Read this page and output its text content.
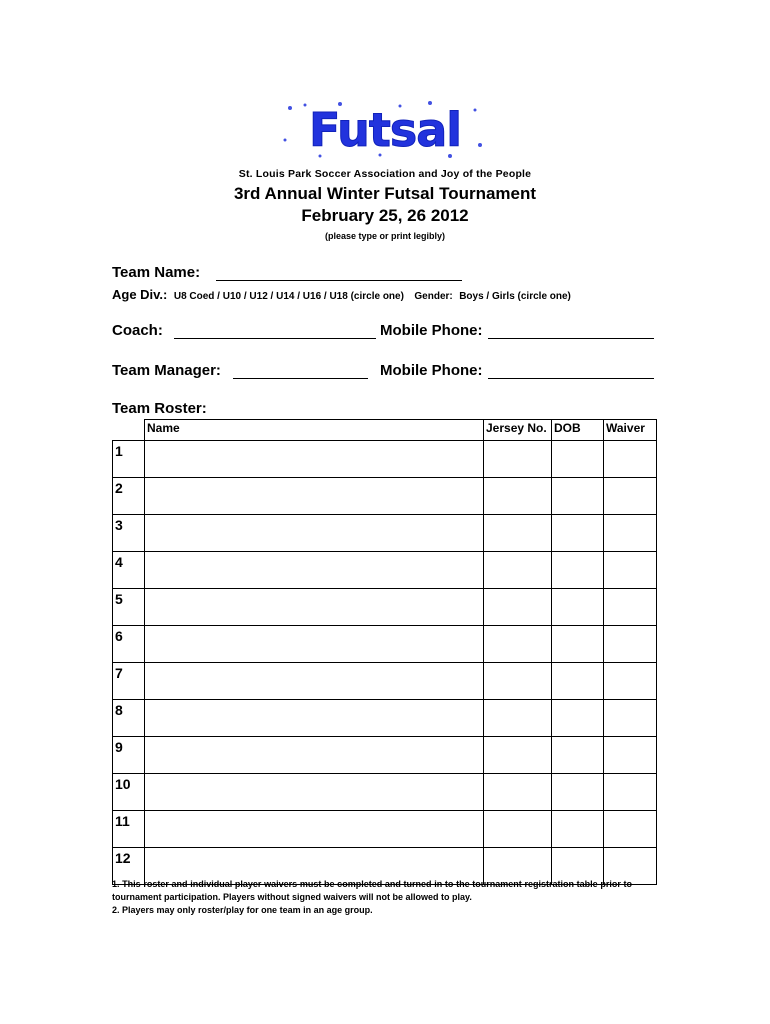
Futsal
St. Louis Park Soccer Association and Joy of the People
3rd Annual Winter Futsal Tournament
February 25, 26 2012
(please type or print legibly)
Team Name:
Age Div.: U8 Coed / U10 / U12 / U14 / U16 / U18 (circle one) Gender: Boys / Girls (circle one)
Coach:	Mobile Phone:
Team Manager:	Mobile Phone:
Team Roster:
	Name	Jersey No.	DOB	Waiver
1				
2				
3				
4				
5				
6				
7				
8				
9				
10				
11				
12				
1. This roster and individual player waivers must be completed and turned in to the tournament registration table prior to tournament participation. Players without signed waivers will not be allowed to play.
2. Players may only roster/play for one team in an age group.
